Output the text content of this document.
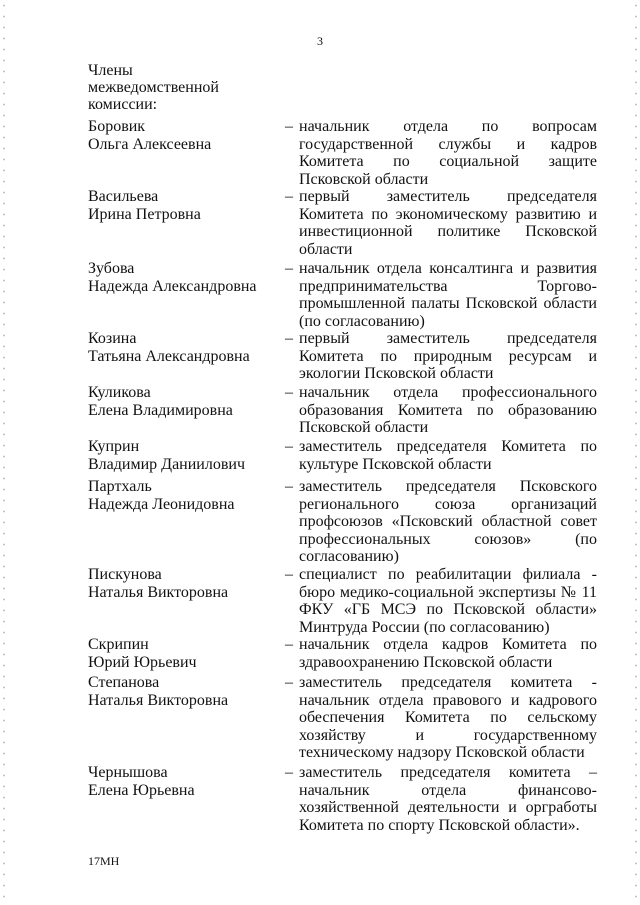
3
Члены
межведомственной
комиссии:
Боровик
Ольга Алексеевна
– начальник отдела по вопросам
государственной службы и кадров
Комитета по социальной защите
Псковской области
Васильева
Ирина Петровна
– первый заместитель председателя
Комитета по экономическому развитию и
инвестиционной политике Псковской
области
Зубова
Надежда Александровна
– начальник отдела консалтинга и развития
предпринимательства Торгово-
промышленной палаты Псковской области
(по согласованию)
Козина
Татьяна Александровна
– первый заместитель председателя
Комитета по природным ресурсам и
экологии Псковской области
Куликова
Елена Владимировна
– начальник отдела профессионального
образования Комитета по образованию
Псковской области
Куприн
Владимир Даниилович
– заместитель председателя Комитета по
культуре Псковской области
Партхаль
Надежда Леонидовна
– заместитель председателя Псковского
регионального союза организаций
профсоюзов «Псковский областной совет
профессиональных союзов» (по
согласованию)
Пискунова
Наталья Викторовна
– специалист по реабилитации филиала -
бюро медико-социальной экспертизы № 11
ФКУ «ГБ МСЭ по Псковской области»
Минтруда России (по согласованию)
Скрипин
Юрий Юрьевич
– начальник отдела кадров Комитета по
здравоохранению Псковской области
Степанова
Наталья Викторовна
– заместитель председателя комитета -
начальник отдела правового и кадрового
обеспечения Комитета по сельскому
хозяйству и государственному
техническому надзору Псковской области
Чернышова
Елена Юрьевна
– заместитель председателя комитета –
начальник отдела финансово-
хозяйственной деятельности и оргработы
Комитета по спорту Псковской области».
17МН
